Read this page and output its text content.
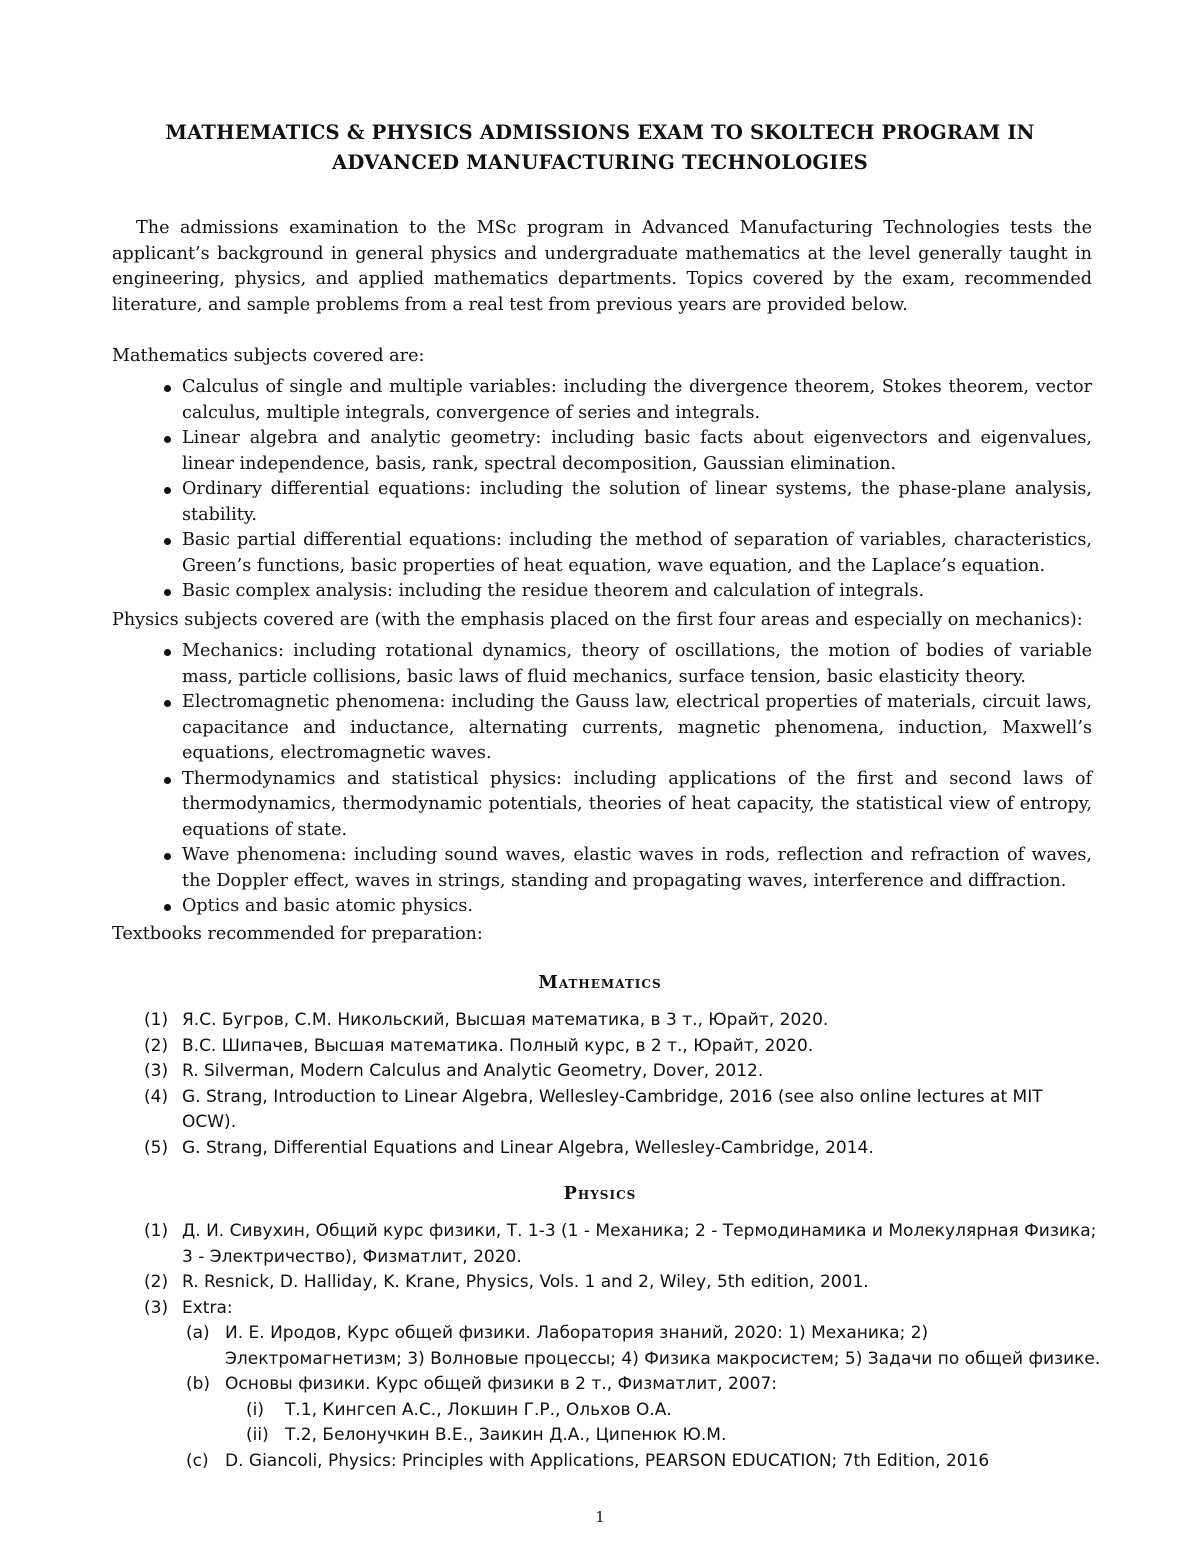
MATHEMATICS & PHYSICS ADMISSIONS EXAM TO SKOLTECH PROGRAM IN
ADVANCED MANUFACTURING TECHNOLOGIES

The admissions examination to the MSc program in Advanced Manufacturing Technologies tests the applicant’s background in general physics and undergraduate mathematics at the level generally taught in engineering, physics, and applied mathematics departments. Topics covered by the exam, recommended literature, and sample problems from a real test from previous years are provided below.

Mathematics subjects covered are:

Calculus of single and multiple variables: including the divergence theorem, Stokes theorem, vector calculus, multiple integrals, convergence of series and integrals.
Linear algebra and analytic geometry: including basic facts about eigenvectors and eigenvalues, linear independence, basis, rank, spectral decomposition, Gaussian elimination.
Ordinary differential equations: including the solution of linear systems, the phase-plane analysis, stability.
Basic partial differential equations: including the method of separation of variables, characteristics, Green’s functions, basic properties of heat equation, wave equation, and the Laplace’s equation.
Basic complex analysis: including the residue theorem and calculation of integrals.

Physics subjects covered are (with the emphasis placed on the first four areas and especially on mechanics):

Mechanics: including rotational dynamics, theory of oscillations, the motion of bodies of variable mass, particle collisions, basic laws of fluid mechanics, surface tension, basic elasticity theory.
Electromagnetic phenomena: including the Gauss law, electrical properties of materials, circuit laws, capacitance and inductance, alternating currents, magnetic phenomena, induction, Maxwell’s equations, electromagnetic waves.
Thermodynamics and statistical physics: including applications of the first and second laws of thermodynamics, thermodynamic potentials, theories of heat capacity, the statistical view of entropy, equations of state.
Wave phenomena: including sound waves, elastic waves in rods, reflection and refraction of waves, the Doppler effect, waves in strings, standing and propagating waves, interference and diffraction.
Optics and basic atomic physics.

Textbooks recommended for preparation:

Mathematics
(1) Я.С. Бугров, С.М. Никольский, Высшая математика, в 3 т., Юрайт, 2020.
(2) В.С. Шипачев, Высшая математика. Полный курс, в 2 т., Юрайт, 2020.
(3) R. Silverman, Modern Calculus and Analytic Geometry, Dover, 2012.
(4) G. Strang, Introduction to Linear Algebra, Wellesley-Cambridge, 2016 (see also online lectures at MIT OCW).
(5) G. Strang, Differential Equations and Linear Algebra, Wellesley-Cambridge, 2014.
Physics
(1) Д. И. Сивухин, Общий курс физики, Т. 1-3 (1 - Механика; 2 - Термодинамика и Молекулярная Физика; 3 - Электричество), Физматлит, 2020.
(2) R. Resnick, D. Halliday, K. Krane, Physics, Vols. 1 and 2, Wiley, 5th edition, 2001.
(3) Extra:
(a) И. Е. Иродов, Курс общей физики. Лаборатория знаний, 2020: 1) Механика; 2) Электромагнетизм; 3) Волновые процессы; 4) Физика макросистем; 5) Задачи по общей физике.
(b) Основы физики. Курс общей физики в 2 т., Физматлит, 2007:
(i) Т.1, Кингсеп А.С., Локшин Г.Р., Ольхов О.А.
(ii) Т.2, Белонучкин В.Е., Заикин Д.А., Ципенюк Ю.М.
(c) D. Giancoli, Physics: Principles with Applications, PEARSON EDUCATION; 7th Edition, 2016

1
